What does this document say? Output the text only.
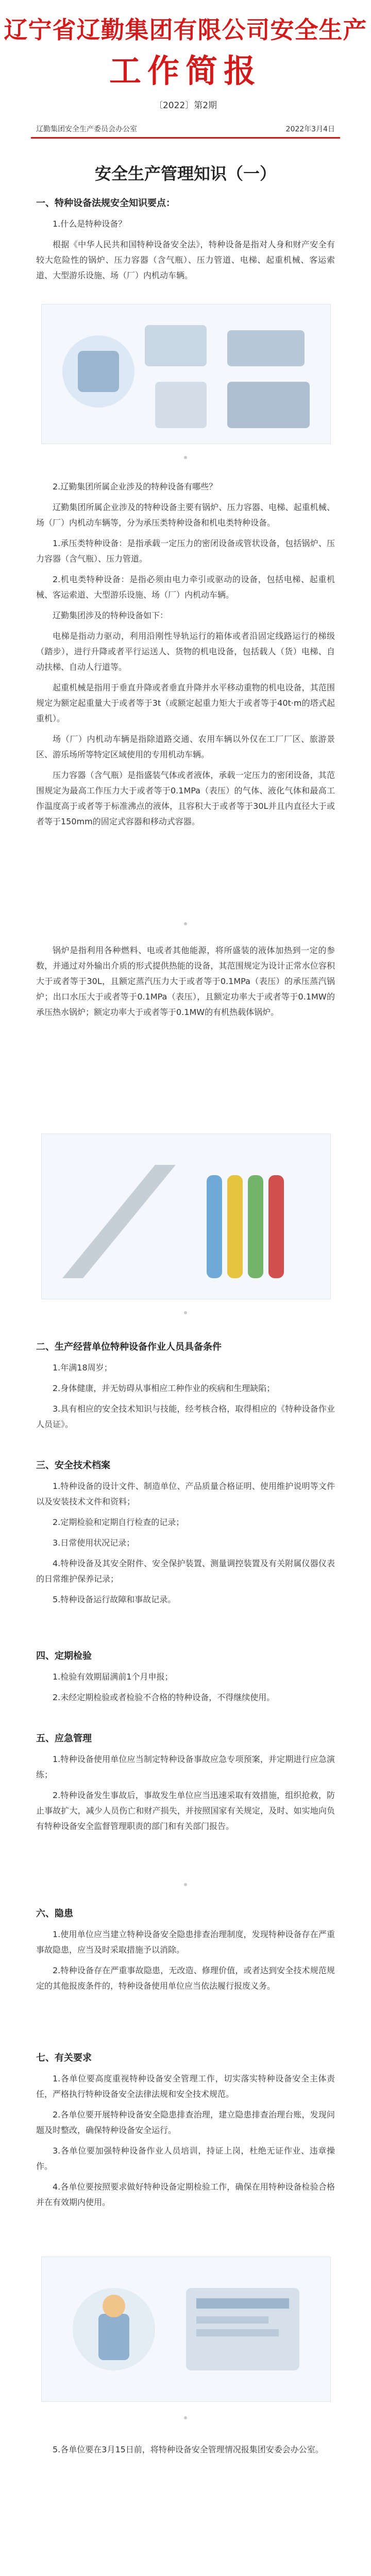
辽宁省辽勤集团有限公司安全生产
工作简报
〔2022〕第2期
辽勤集团安全生产委员会办公室	2022年3月4日
安全生产管理知识（一）
一、特种设备法规安全知识要点：

1.什么是特种设备？

根据《中华人民共和国特种设备安全法》，特种设备是指对人身和财产安全有较大危险性的锅炉、压力容器（含气瓶）、压力管道、电梯、起重机械、客运索道、大型游乐设施、场（厂）内机动车辆。

2.辽勤集团所属企业涉及的特种设备有哪些？

辽勤集团所属企业涉及的特种设备主要有锅炉、压力容器、电梯、起重机械、场（厂）内机动车辆等，分为承压类特种设备和机电类特种设备。

1.承压类特种设备：是指承载一定压力的密闭设备或管状设备，包括锅炉、压力容器（含气瓶）、压力管道。

2.机电类特种设备：是指必须由电力牵引或驱动的设备，包括电梯、起重机械、客运索道、大型游乐设施、场（厂）内机动车辆。

辽勤集团涉及的特种设备如下：

电梯是指动力驱动，利用沿刚性导轨运行的箱体或者沿固定线路运行的梯级（踏步），进行升降或者平行运送人、货物的机电设备，包括载人（货）电梯、自动扶梯、自动人行道等。

起重机械是指用于垂直升降或者垂直升降并水平移动重物的机电设备，其范围规定为额定起重量大于或者等于3t（或额定起重力矩大于或者等于40t·m的塔式起重机）。

场（厂）内机动车辆是指除道路交通、农用车辆以外仅在工厂厂区、旅游景区、游乐场所等特定区域使用的专用机动车辆。

压力容器（含气瓶）是指盛装气体或者液体，承载一定压力的密闭设备，其范围规定为最高工作压力大于或者等于0.1MPa（表压）的气体、液化气体和最高工作温度高于或者等于标准沸点的液体，且容积大于或者等于30L并且内直径大于或者等于150mm的固定式容器和移动式容器。

锅炉是指利用各种燃料、电或者其他能源，将所盛装的液体加热到一定的参数，并通过对外输出介质的形式提供热能的设备，其范围规定为设计正常水位容积大于或者等于30L，且额定蒸汽压力大于或者等于0.1MPa（表压）的承压蒸汽锅炉；出口水压大于或者等于0.1MPa（表压），且额定功率大于或者等于0.1MW的承压热水锅炉；额定功率大于或者等于0.1MW的有机热载体锅炉。

二、生产经营单位特种设备作业人员具备条件

1.年满18周岁；

2.身体健康，并无妨碍从事相应工种作业的疾病和生理缺陷；

3.具有相应的安全技术知识与技能，经考核合格，取得相应的《特种设备作业人员证》。

三、安全技术档案

1.特种设备的设计文件、制造单位、产品质量合格证明、使用维护说明等文件以及安装技术文件和资料；

2.定期检验和定期自行检查的记录；

3.日常使用状况记录；

4.特种设备及其安全附件、安全保护装置、测量调控装置及有关附属仪器仪表的日常维护保养记录；

5.特种设备运行故障和事故记录。

四、定期检验

1.检验有效期届满前1个月申报；

2.未经定期检验或者检验不合格的特种设备，不得继续使用。

五、应急管理

1.特种设备使用单位应当制定特种设备事故应急专项预案，并定期进行应急演练；

2.特种设备发生事故后，事故发生单位应当迅速采取有效措施，组织抢救，防止事故扩大，减少人员伤亡和财产损失，并按照国家有关规定，及时、如实地向负有特种设备安全监督管理职责的部门和有关部门报告。

六、隐患

1.使用单位应当建立特种设备安全隐患排查治理制度，发现特种设备存在严重事故隐患，应当及时采取措施予以消除。

2.特种设备存在严重事故隐患，无改造、修理价值，或者达到安全技术规范规定的其他报废条件的，特种设备使用单位应当依法履行报废义务。

七、有关要求

1.各单位要高度重视特种设备安全管理工作，切实落实特种设备安全主体责任，严格执行特种设备安全法律法规和安全技术规范。

2.各单位要开展特种设备安全隐患排查治理，建立隐患排查治理台账，发现问题及时整改，确保特种设备安全运行。

3.各单位要加强特种设备作业人员培训，持证上岗，杜绝无证作业、违章操作。

4.各单位要按照要求做好特种设备定期检验工作，确保在用特种设备检验合格并在有效期内使用。

5.各单位要在3月15日前，将特种设备安全管理情况报集团安委会办公室。
